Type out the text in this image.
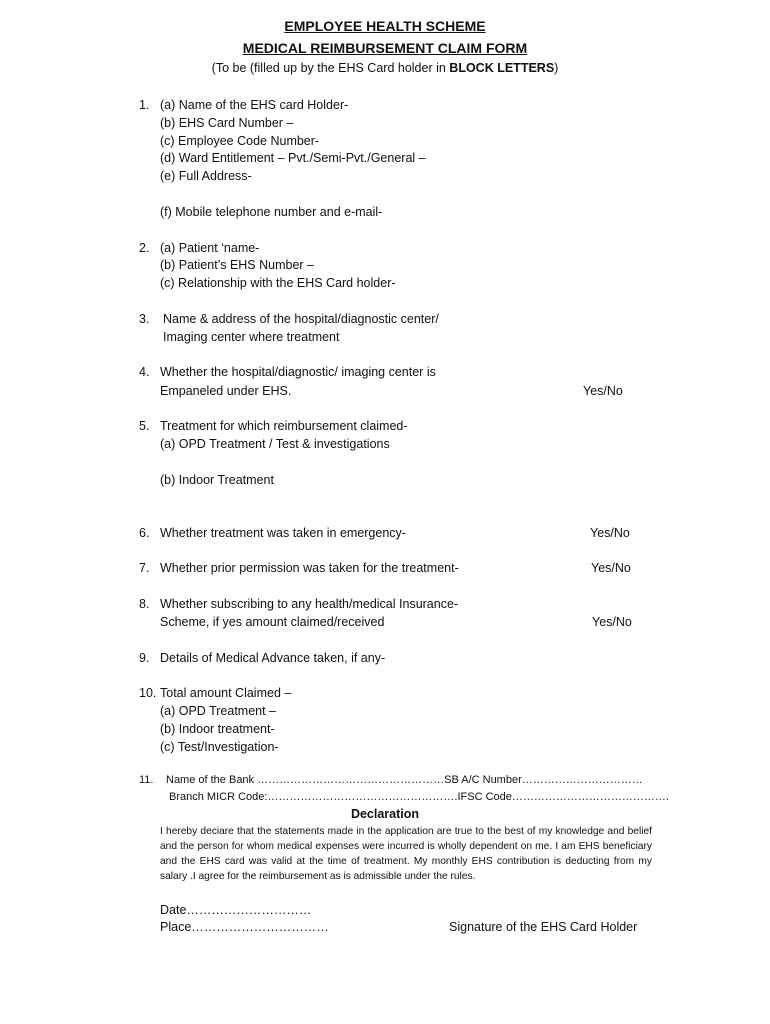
EMPLOYEE HEALTH SCHEME
MEDICAL REIMBURSEMENT CLAIM FORM
(To be (filled up by the EHS Card holder in BLOCK LETTERS)
1. (a) Name of the EHS card Holder-
(b) EHS Card Number –
(c) Employee Code Number-
(d) Ward Entitlement – Pvt./Semi-Pvt./General –
(e) Full Address-
(f) Mobile telephone number and e-mail-
2. (a) Patient ‘name-
(b) Patient’s EHS Number –
(c) Relationship with the EHS Card holder-
3. Name & address of the hospital/diagnostic center/
Imaging center where treatment
4. Whether the hospital/diagnostic/ imaging center is
Empaneled under EHS.	Yes/No
5. Treatment for which reimbursement claimed-
(a) OPD Treatment / Test & investigations
(b) Indoor Treatment
6. Whether treatment was taken in emergency-	Yes/No
7. Whether prior permission was taken for the treatment-	Yes/No
8. Whether subscribing to any health/medical Insurance-
Scheme, if yes amount claimed/received	Yes/No
9. Details of Medical Advance taken, if any-
10. Total amount Claimed –
(a) OPD Treatment –
(b) Indoor treatment-
(c) Test/Investigation-
11. Name of the Bank ……………………………………………SB A/C Number……………………………
Branch MICR Code:…………………………………………….IFSC Code…………………………………….
Declaration
I hereby deciare that the statements made in the application are true to the best of my knowledge and belief and the person for whom medical expenses were incurred is wholly dependent on me. I am EHS beneficiary and the EHS card was valid at the time of treatment. My monthly EHS contribution is deducting from my salary .I agree for the reimbursement as is admissible under the rules.
Date…………………………
Place……………………………	Signature of the EHS Card Holder
